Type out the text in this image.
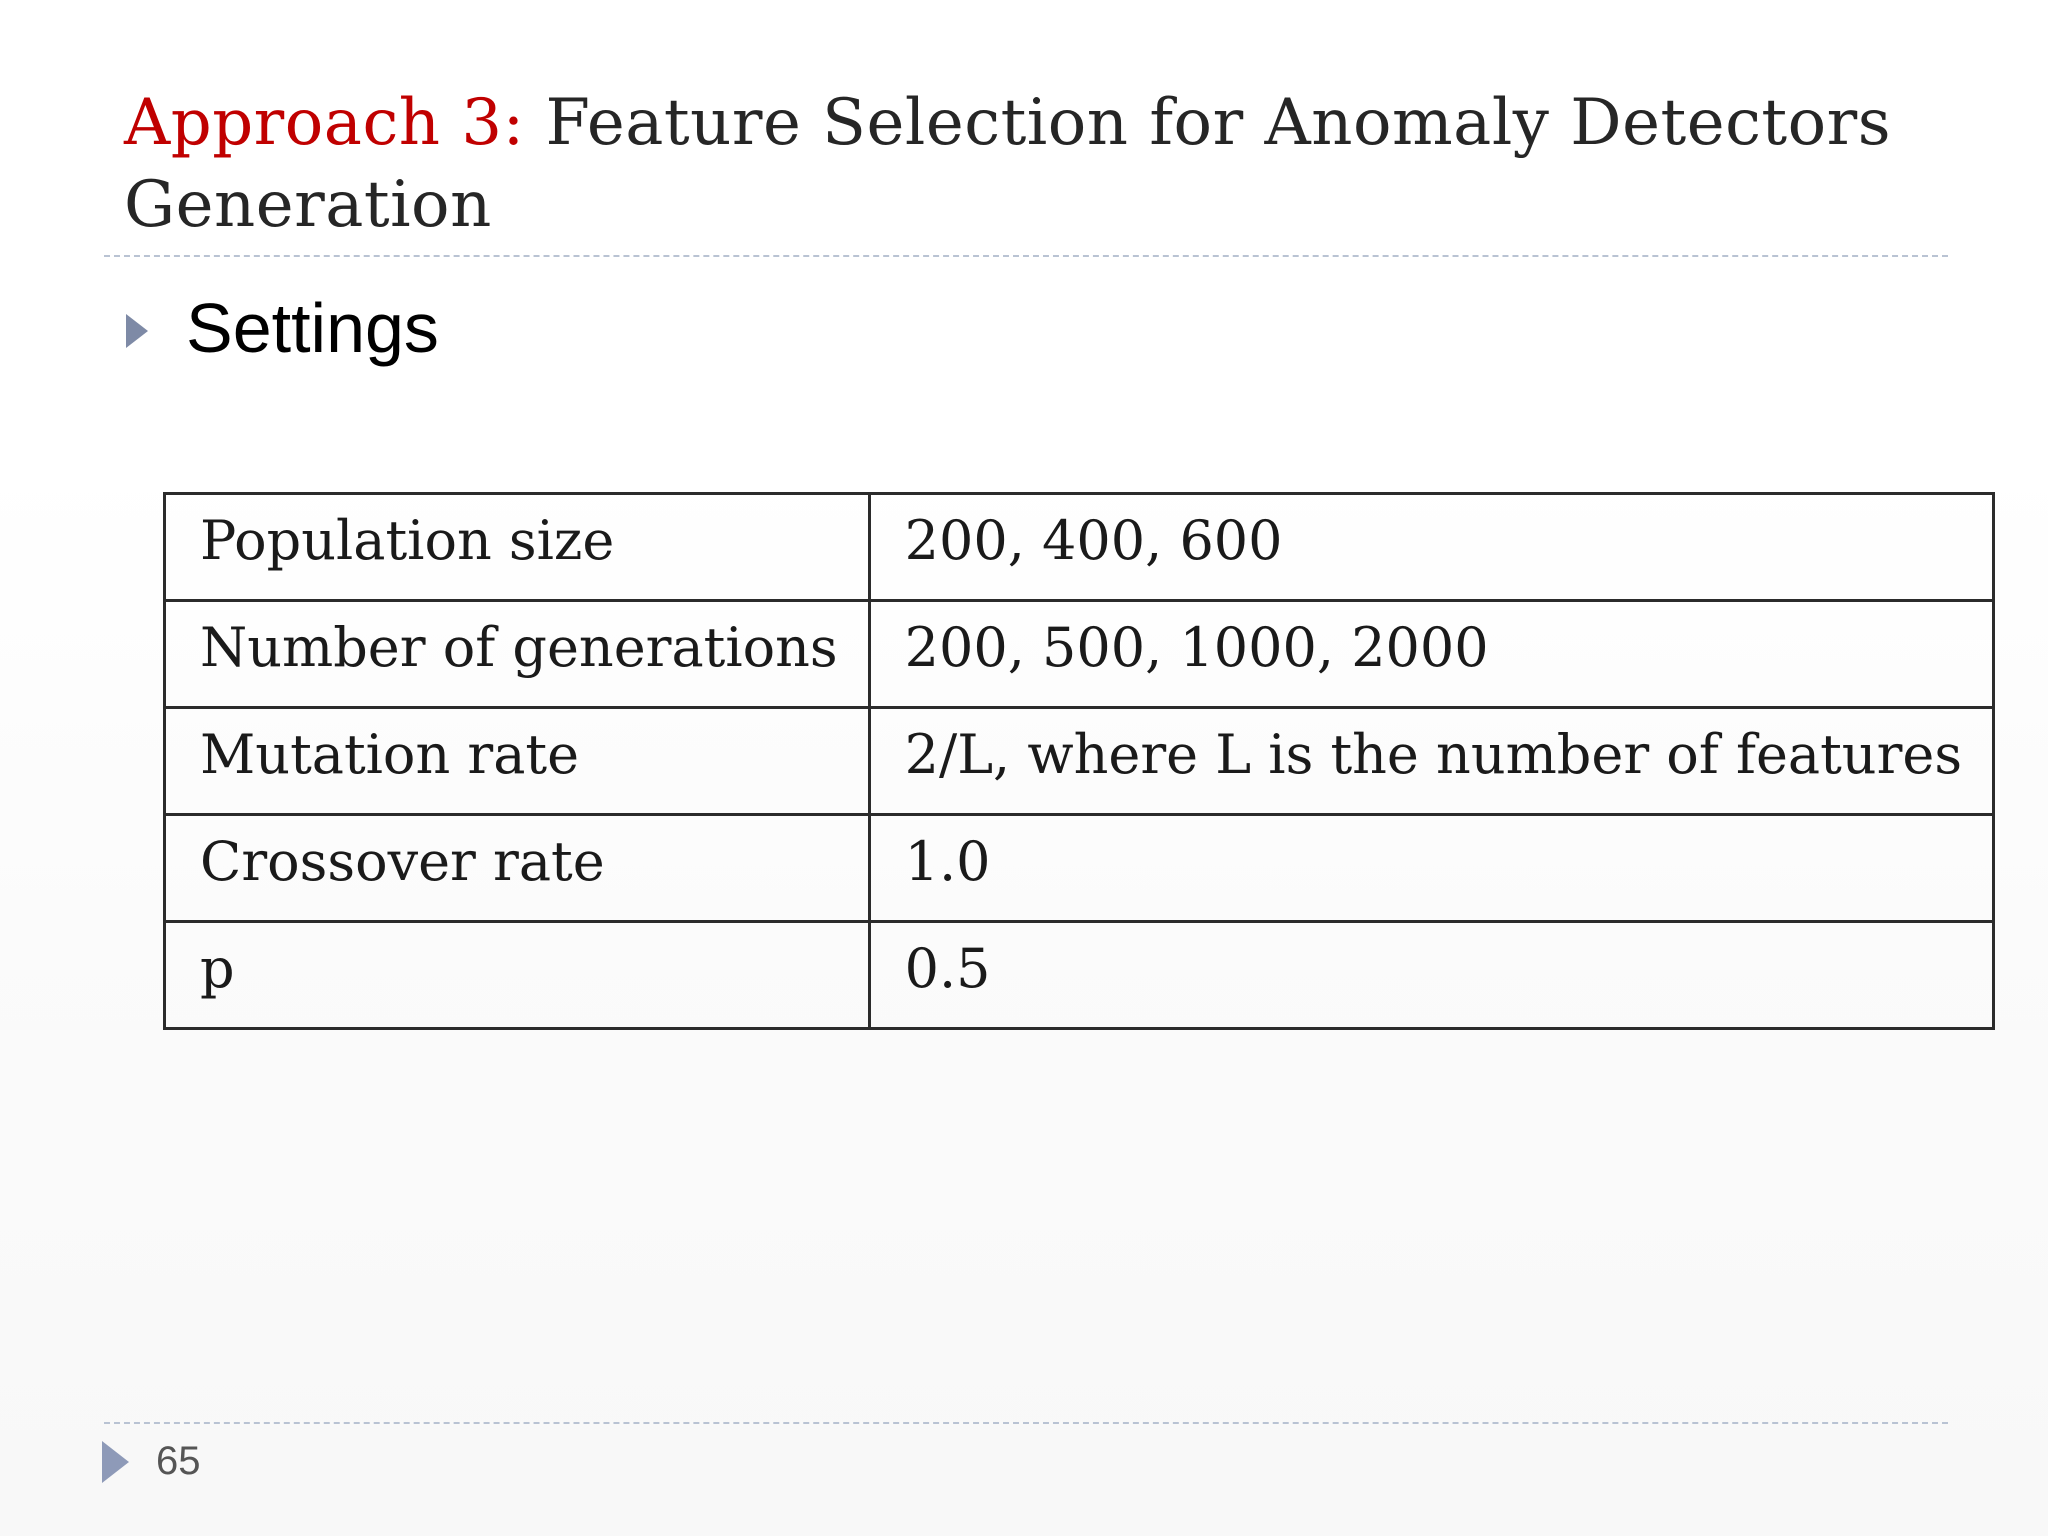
Approach 3: Feature Selection for Anomaly Detectors Generation
Settings
Population size	200, 400, 600

Number of generations	200, 500, 1000, 2000

Mutation rate	2/L, where L is the number of features

Crossover rate	1.0

p	0.5
65
